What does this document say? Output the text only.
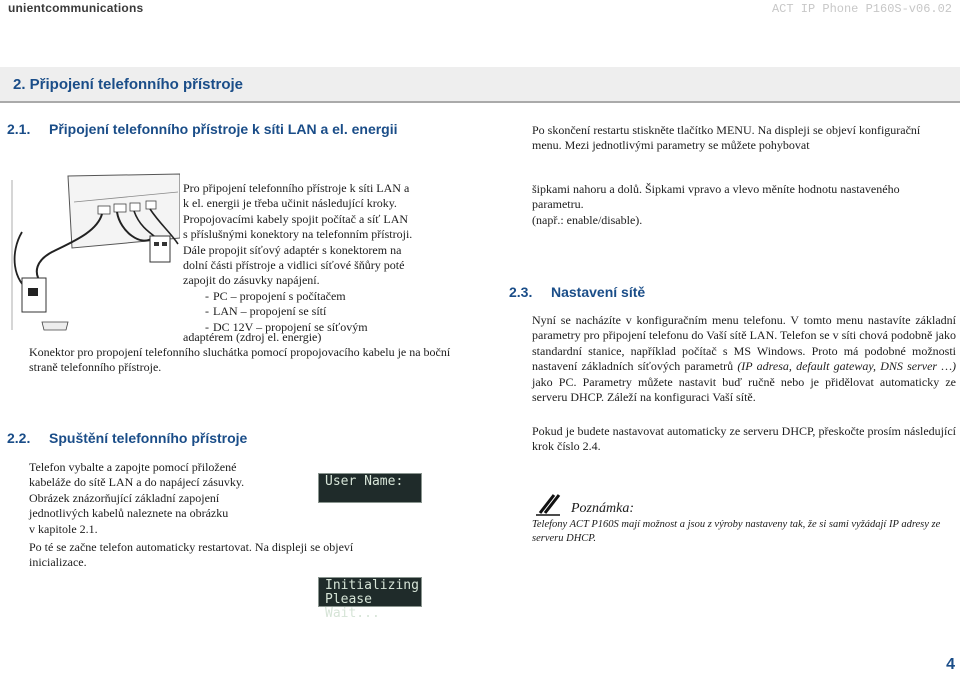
unientcommunications	ACT IP Phone P160S-v06.02
2. Připojení telefonního přístroje
2.1. Připojení telefonního přístroje k síti LAN a el. energii

Pro připojení telefonního přístroje k síti LAN a

k el. energii je třeba učinit následující kroky.

Propojovacími kabely spojit počítač a síť LAN

s příslušnými konektory na telefonním přístroji.

Dále propojit síťový adaptér s konektorem na

dolní části přístroje a vidlici síťové šňůry poté

zapojit do zásuvky napájení.

- PC – propojení s počítačem
- LAN – propojení se sítí
- DC 12V – propojení se síťovým
adaptérem (zdroj el. energie)
Konektor pro propojení telefonního sluchátka pomocí propojovacího kabelu je na boční straně telefonního přístroje.
2.2. Spuštění telefonního přístroje

Telefon vybalte a zapojte pomocí přiložené

kabeláže do sítě LAN a do napájecí zásuvky.

Obrázek znázorňující základní zapojení

jednotlivých kabelů naleznete na obrázku

v kapitole 2.1.

Po té se začne telefon automaticky restartovat. Na displeji se objeví inicializace.
User Name:
Initializing
Please Wait...
Po skončení restartu stiskněte tlačítko MENU. Na displeji se objeví konfigurační menu. Mezi jednotlivými parametry se můžete pohybovat
šipkami nahoru a dolů. Šipkami vpravo a vlevo měníte hodnotu nastaveného parametru.
(např.: enable/disable).
2.3. Nastavení sítě
Nyní se nacházíte v konfiguračním menu telefonu. V tomto menu nastavíte základní parametry pro připojení telefonu do Vaší sítě LAN. Telefon se v síti chová podobně jako standardní stanice, například počítač s MS Windows. Proto má podobné možnosti nastavení základních síťových parametrů (IP adresa, default gateway, DNS server …) jako PC. Parametry můžete nastavit buď ručně nebo je přidělovat automaticky ze serveru DHCP. Záleží na konfiguraci Vaší sítě.
Pokud je budete nastavovat automaticky ze serveru DHCP, přeskočte prosím následující krok číslo 2.4.
Poznámka:
Telefony ACT P160S mají možnost a jsou z výroby nastaveny tak, že si sami vyžádají IP adresy ze serveru DHCP.
4
